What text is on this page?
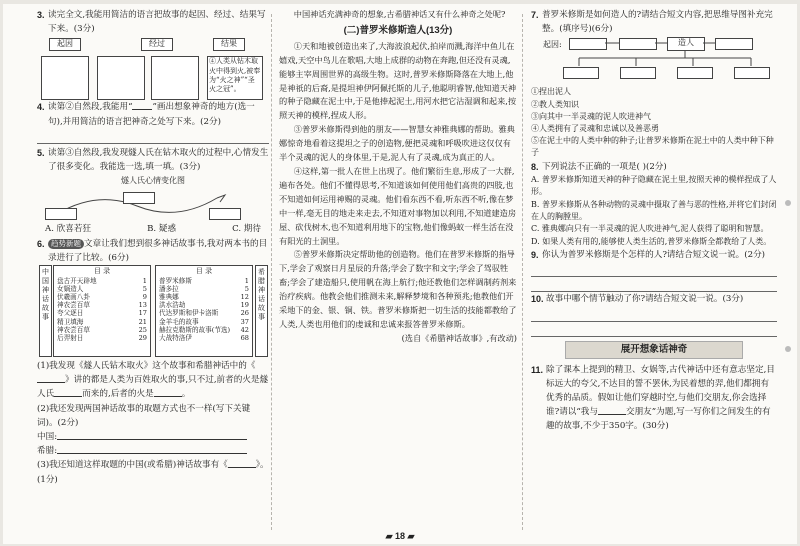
3. 读完全文,我能用简洁的语言把故事的起因、经过、结果写下来。(3分)

起因	经过	结果
④人类从钻木取火中得到火,被奉为“火之神”“圣火之冠”。
4. 读第②自然段,我能用“ ”画出想象神奇的地方(选一句),并用简洁的语言把神奇之处写下来。(2分)

5. 读第③自然段,我发现燧人氏在钻木取火的过程中,心情发生了很多变化。我能选一选,填一填。(3分)

燧人氏心情变化图
A. 欣喜若狂	B. 疑惑	C. 期待
6. 趋势新题 文章让我们想到很多神话故事书,我对两本书的目录进行了比较。(6分)

中国神话故事
目 录
盘古开天辟地	1
女娲造人	5
伏羲画八卦	9
神农尝百草	13
夸父逐日	17
精卫填海	21
神农尝百草	25
后羿射日	29
目 录
普罗米修斯	1
潘多拉	5
雅典娜	12
洪水浩劫	19
代达罗斯和伊卡洛斯	26
金羊毛的故事	37
赫拉克勒斯的故事(节选) 42
大战特洛伊	68
希腊神话故事

(1)我发现《燧人氏钻木取火》这个故事和希腊神话中的《》讲的都是人类为百姓取火的事,只不过,前者的火是燧人氏	而来的,后者的火是	。

(2)我还发现两国神话故事的取题方式也不一样(写下关键词)。(2分)

中国:

希腊:

(3)我还知道这样取题的中国(或希腊)神话故事有《	》。(1分)

中国神话充满神奇的想象,古希腊神话又有什么神奇之处呢?

(二)普罗米修斯造人(13分)

①天和地被创造出来了,大海波浪起伏,拍岸而溅,海洋中鱼儿在嬉戏,天空中鸟儿在歌唱,大地上成群的动物在奔跑,但还没有灵魂,能够主宰周围世界的高级生物。这时,普罗米修斯降落在大地上,他是神祇的后裔,是提坦神伊阿佩托斯的儿子,他聪明睿智,他知道天神的种子隐藏在泥土中,于是他捧起泥土,用河水把它沾湿调和起来,按照天神的模样,捏成人形。

③普罗米修斯得到他的朋友——智慧女神雅典娜的帮助。雅典娜惊奇地看着这提坦之子的创造物,便把灵魂和呼吸吹进这仅仅有半个灵魂的泥人的身体里,于是,泥人有了灵魂,成为真正的人。

④这样,第一批人在世上出现了。他们繁衍生息,形成了一大群,遍布各处。他们不懂得思考,不知道该如何使用他们高贵的四肢,也不知道如何运用神赐的灵魂。他们看东西不看,听东西不听,像在梦中一样,毫无目的地走来走去,不知道对事物加以利用,不知道建造房屋、砍伐树木,也不知道利用地下的宝物,他们像蚂蚁一样生活在没有阳光的土洞里。

⑤普罗米修斯决定帮助他的创造物。他们在普罗米修斯的指导下,学会了观察日月星辰的升落;学会了数字和文字;学会了驾驭牲畜;学会了建造船只,使用帆在海上航行;他还教他们怎样调制药剂来治疗疾病。他教会他们推测未来,解释梦境和各种预兆;他教他们开采地下的金、银、铜、铁。普罗米修斯把一切生活的技能都教给了人类,人类也用他们的虔诚和忠诚来报答普罗米修斯。

(选自《希腊神话故事》,有改动)

7. 普罗米修斯是如何造人的?请结合短文内容,把思维导图补充完整。(填序号)(6分)

起因:	造人

①捏出泥人

②教人类知识

③向其中一半灵魂的泥人吹进神气

④人类拥有了灵魂和忠诚以及善恶勇

⑤在泥土中的人类中种的种子;让普罗米修斯在泥土中的人类中种下种子

8. 下列说法不正确的一项是( )(2分)

A. 普罗米修斯知道天神的种子隐藏在泥土里,按照天神的模样捏成了人形。

B. 普罗米修斯从各种动物的灵魂中摄取了善与恶的性格,并将它们封闭在人的胸膛里。

C. 雅典娜向只有一半灵魂的泥人吹进神气,泥人获得了聪明和智慧。

D. 如果人类有用的,能够使人类生活的,普罗米修斯全都教给了人类。

9. 你认为普罗米修斯是个怎样的人?请结合短文说一说。(2分)

10. 故事中哪个情节触动了你?请结合短文说一说。(3分)

展开想象话神奇
11. 除了课本上提到的精卫、女娲等,古代神话中还有意志坚定,目标远大的夸父,不达目的誓不罢休,为民着想的羿,他们都拥有优秀的品质。假如让他们穿越时空,与他们交朋友,你会选择谁?请以“我与	交朋友”为题,写一写你们之间发生的有趣的故事,不少于350字。(30分)

▰ 18 ▰
